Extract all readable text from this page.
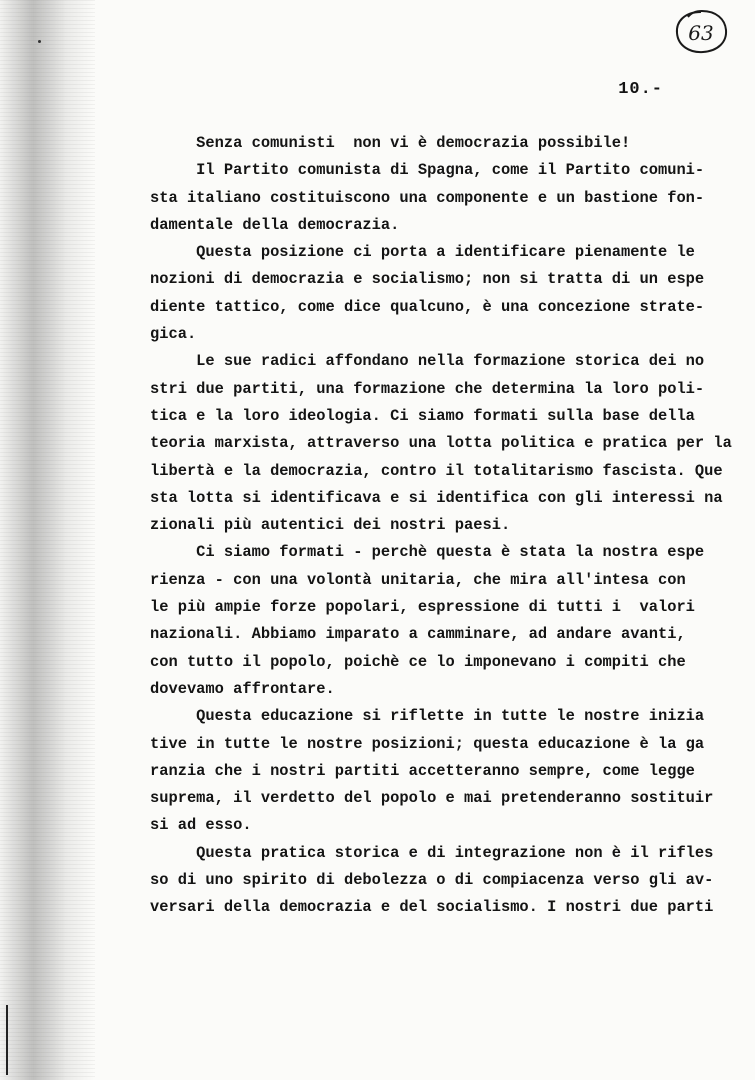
63
10.-
Senza comunisti  non vi è democrazia possibile!
Il Partito comunista di Spagna, come il Partito comuni-
sta italiano costituiscono una componente e un bastione fon-
damentale della democrazia.
Questa posizione ci porta a identificare pienamente le
nozioni di democrazia e socialismo; non si tratta di un espe
diente tattico, come dice qualcuno, è una concezione strate-
gica.
Le sue radici affondano nella formazione storica dei no
stri due partiti, una formazione che determina la loro poli-
tica e la loro ideologia. Ci siamo formati sulla base della
teoria marxista, attraverso una lotta politica e pratica per la
libertà e la democrazia, contro il totalitarismo fascista. Que
sta lotta si identificava e si identifica con gli interessi na
zionali più autentici dei nostri paesi.
Ci siamo formati - perchè questa è stata la nostra espe
rienza - con una volontà unitaria, che mira all'intesa con
le più ampie forze popolari, espressione di tutti i  valori
nazionali. Abbiamo imparato a camminare, ad andare avanti,
con tutto il popolo, poichè ce lo imponevano i compiti che
dovevamo affrontare.
Questa educazione si riflette in tutte le nostre inizia
tive in tutte le nostre posizioni; questa educazione è la ga
ranzia che i nostri partiti accetteranno sempre, come legge
suprema, il verdetto del popolo e mai pretenderanno sostituir
si ad esso.
Questa pratica storica e di integrazione non è il rifles
so di uno spirito di debolezza o di compiacenza verso gli av-
versari della democrazia e del socialismo. I nostri due parti
